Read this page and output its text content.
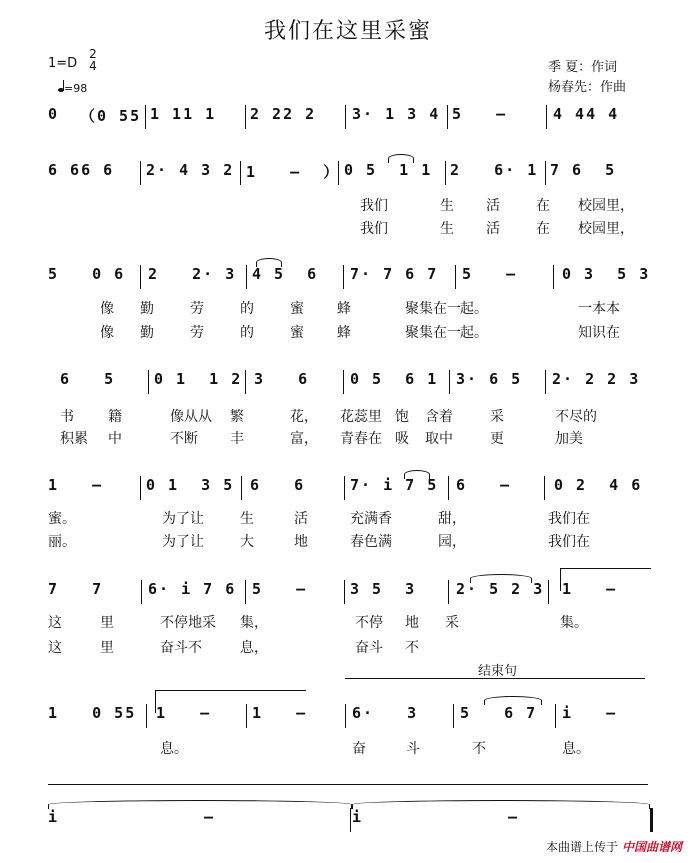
我们在这里采蜜
1=D
2
4
=98
季 夏：作词
杨春先：作曲
0 （0 55 1 11 1 2 22 2 3· 1 3 4 5   –	4 44 4
6 66 6 2· 4 3 2 1   –  ） 0 5  1 1 2   6· 1 7 6  5
我们	生 活	在 校园里，
我们	生 活	在 校园里，
5   0 6 2   2· 3 4 5  6 7· 7 6 7 5   –	0 3  5 3
像 勤	劳	的	蜜 蜂	聚集在一 起。	一本本
像 勤	劳	的	蜜 蜂	聚集在一 起。	知识在
6   5	0 1  1 2 3   6	0 5  6 1 3· 6 5 2· 2 2 3
书 籍	像从从 繁	花， 花蕊里 饱 含着	采	不尽的
积累 中	不断 丰	富， 青春在 吸 取中	更	加美
1   –	0 1  3 5 6   6	7· i 7 5 6   –	0 2  4 6
蜜。	为了让	生	活	充满香	甜，	我们在
丽。	为了让	大	地	春色满	园，	我们在
7   7	6· i 7 6 5   –	3 5  3	2· 5 2 3 1   –
这	里	不停地采 集，	不停 地 采	集。
这	里	奋斗不	息，	奋斗 不
1   0 55 1   –	1   –	6·   3	5   6 7 i   –
息。	奋	斗	不	息。
i	–	i	–
结束句
本曲谱上传于 中国曲谱网
